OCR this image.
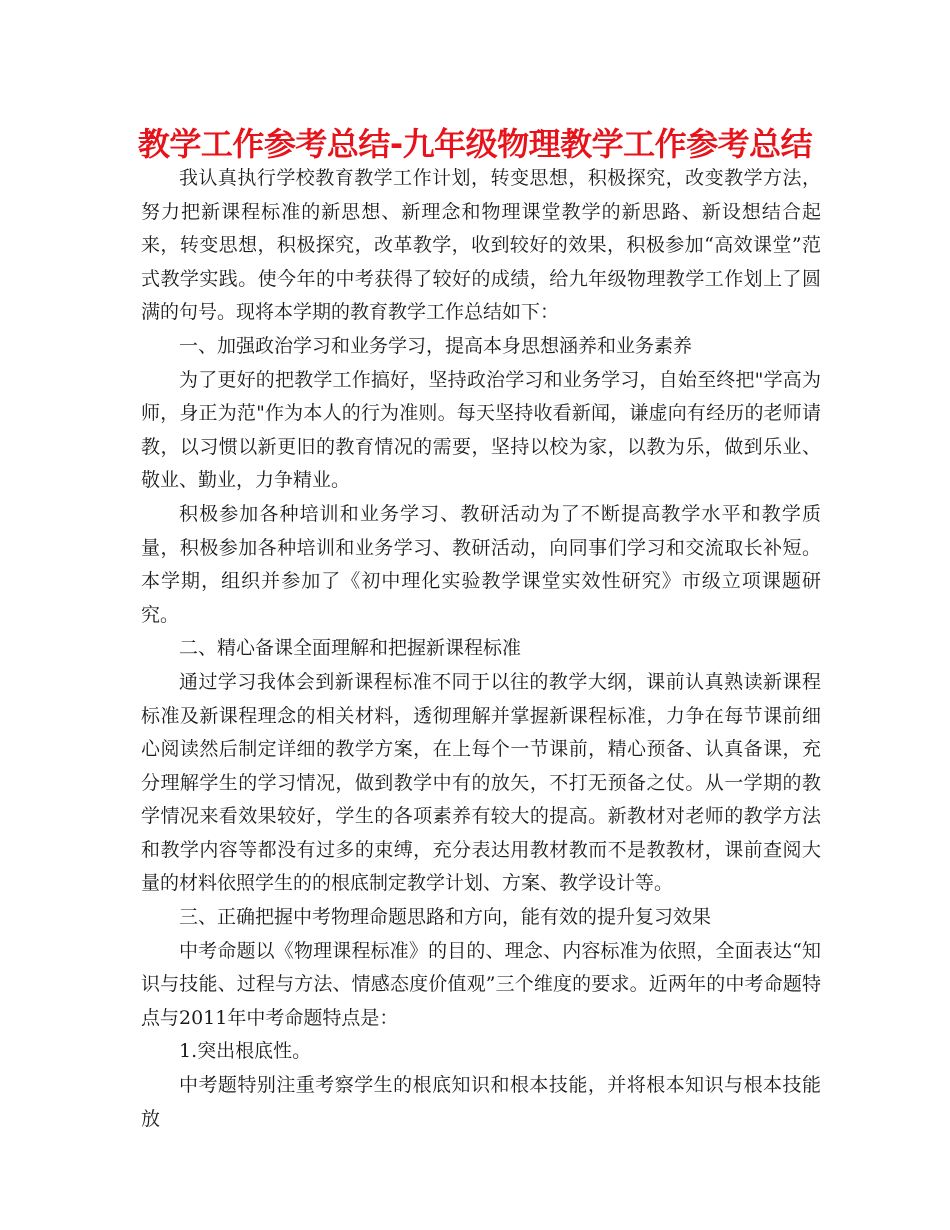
教学工作参考总结-九年级物理教学工作参考总结

我认真执行学校教育教学工作计划，转变思想，积极探究，改变教学方法，努力把新课程标准的新思想、新理念和物理课堂教学的新思路、新设想结合起来，转变思想，积极探究，改革教学，收到较好的效果，积极参加“高效课堂”范式教学实践。使今年的中考获得了较好的成绩，给九年级物理教学工作划上了圆满的句号。现将本学期的教育教学工作总结如下：

一、加强政治学习和业务学习，提高本身思想涵养和业务素养

为了更好的把教学工作搞好，坚持政治学习和业务学习，自始至终把"学高为师，身正为范"作为本人的行为准则。每天坚持收看新闻，谦虚向有经历的老师请教，以习惯以新更旧的教育情况的需要，坚持以校为家，以教为乐，做到乐业、敬业、勤业，力争精业。

积极参加各种培训和业务学习、教研活动为了不断提高教学水平和教学质量，积极参加各种培训和业务学习、教研活动，向同事们学习和交流取长补短。本学期，组织并参加了《初中理化实验教学课堂实效性研究》市级立项课题研究。

二、精心备课全面理解和把握新课程标准

通过学习我体会到新课程标准不同于以往的教学大纲，课前认真熟读新课程标准及新课程理念的相关材料，透彻理解并掌握新课程标准，力争在每节课前细心阅读然后制定详细的教学方案，在上每个一节课前，精心预备、认真备课，充分理解学生的学习情况，做到教学中有的放矢，不打无预备之仗。从一学期的教学情况来看效果较好，学生的各项素养有较大的提高。新教材对老师的教学方法和教学内容等都没有过多的束缚，充分表达用教材教而不是教教材，课前查阅大量的材料依照学生的的根底制定教学计划、方案、教学设计等。

三、正确把握中考物理命题思路和方向，能有效的提升复习效果

中考命题以《物理课程标准》的目的、理念、内容标准为依照，全面表达“知识与技能、过程与方法、情感态度价值观”三个维度的要求。近两年的中考命题特点与2011年中考命题特点是：

1.突出根底性。

中考题特别注重考察学生的根底知识和根本技能，并将根本知识与根本技能放
